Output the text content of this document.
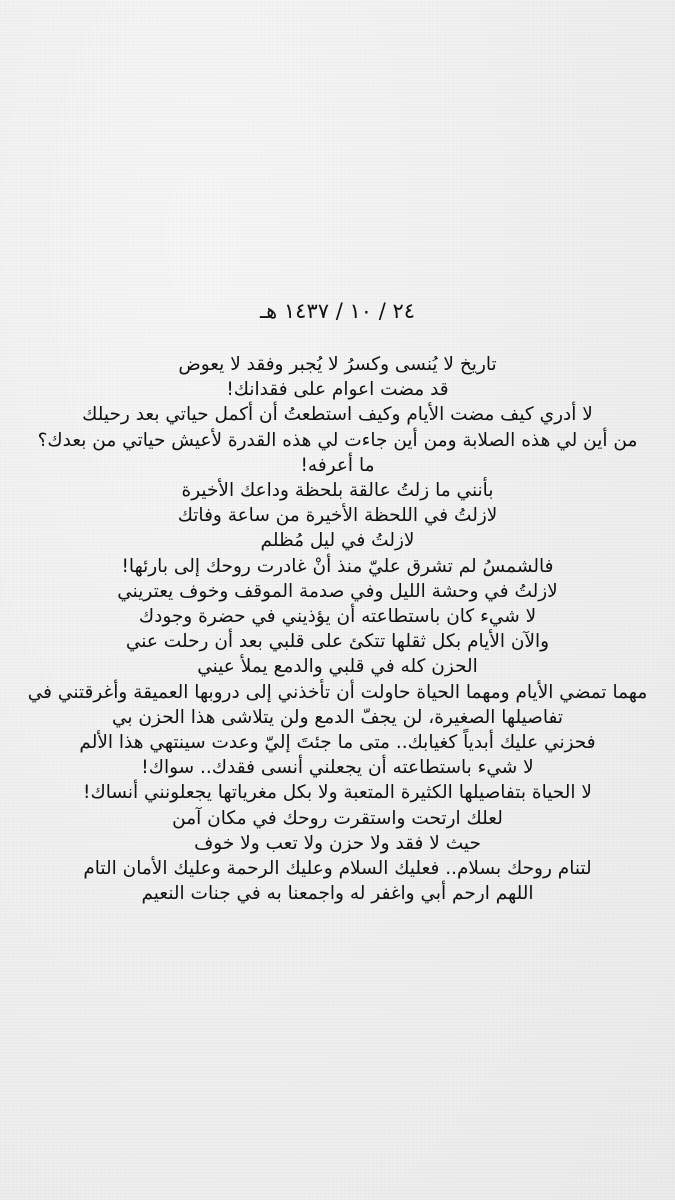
٢٤ / ١٠ / ١٤٣٧ هـ
تاريخ لا يُنسى وكسرُ لا يُجبر وفقد لا يعوض
قد مضت اعوام على فقدانك!
لا أدري كيف مضت الأيام وكيف استطعتُ أن أكمل حياتي بعد رحيلك
من أين لي هذه الصلابة ومن أين جاءت لي هذه القدرة لأعيش حياتي من بعدك؟
ما أعرفه!
بأنني ما زلتُ عالقة بلحظة وداعك الأخيرة
لازلتُ في اللحظة الأخيرة من ساعة وفاتك
لازلتُ في ليل مُظلم
فالشمسُ لم تشرق عليّ منذ أنْ غادرت روحك إلى بارئها!
لازلتُ في وحشة الليل وفي صدمة الموقف وخوف يعتريني
لا شيء كان باستطاعته أن يؤذيني في حضرة وجودك
والآن الأيام بكل ثقلها تتكئ على قلبي بعد أن رحلت عني
الحزن كله في قلبي والدمع يملأ عيني
مهما تمضي الأيام ومهما الحياة حاولت أن تأخذني إلى دروبها العميقة وأغرقتني في
تفاصيلها الصغيرة، لن يجفّ الدمع ولن يتلاشى هذا الحزن بي
فحزني عليك أبدياً كغيابك.. متى ما جئتَ إليّ وعدت سينتهي هذا الألم
لا شيء باستطاعته أن يجعلني أنسى فقدك.. سواك!
لا الحياة بتفاصيلها الكثيرة المتعبة ولا بكل مغرياتها يجعلونني أنساك!
لعلك ارتحت واستقرت روحك في مكان آمن
حيث لا فقد ولا حزن ولا تعب ولا خوف
لتنام روحك بسلام.. فعليك السلام وعليك الرحمة وعليك الأمان التام
اللهم ارحم أبي واغفر له واجمعنا به في جنات النعيم
